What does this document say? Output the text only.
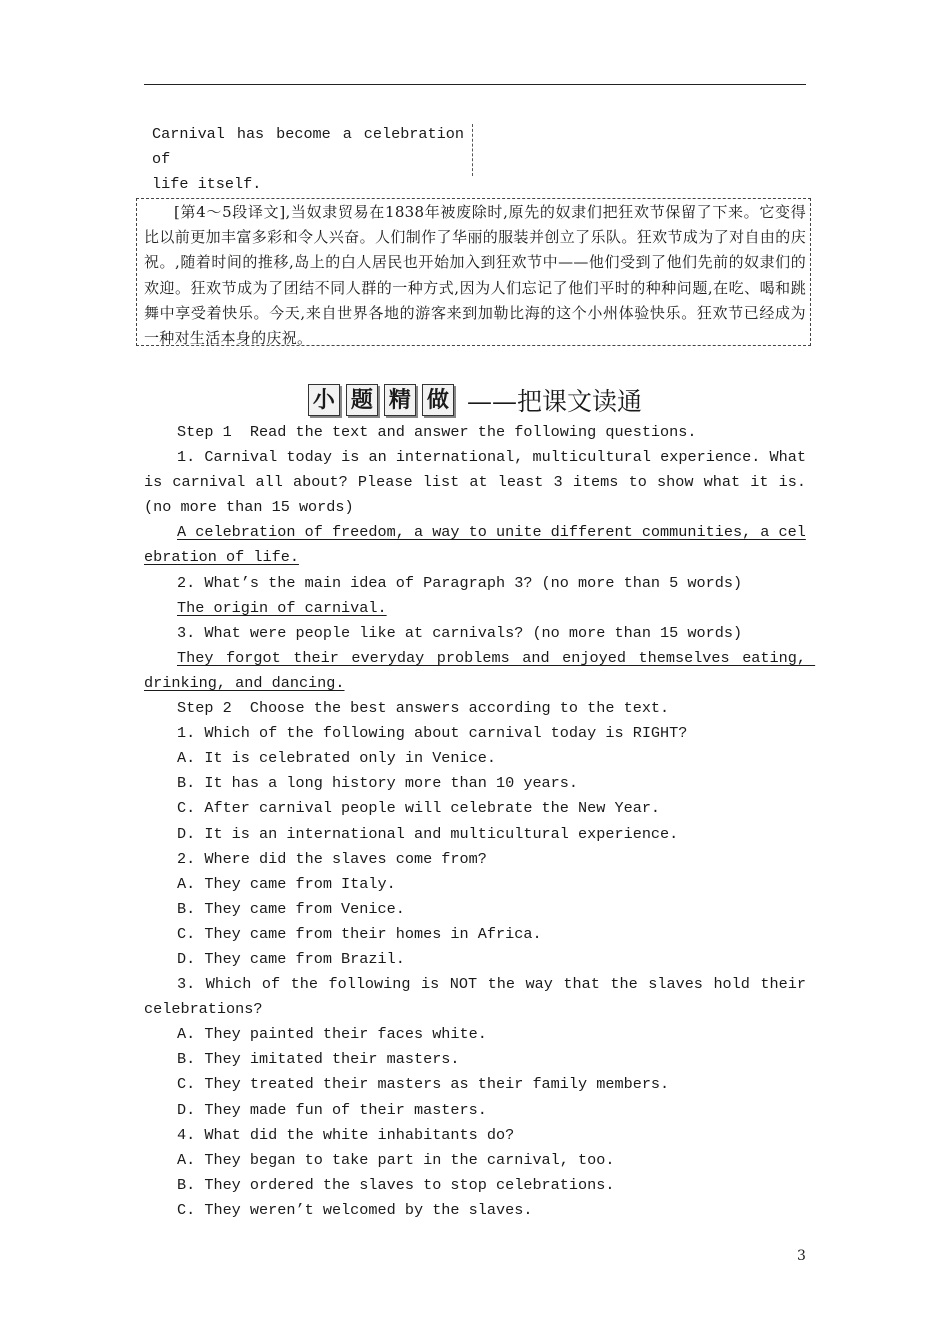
Carnival has become a celebration of
life itself.
[第4～5段译文],当奴隶贸易在1838年被废除时,原先的奴隶们把狂欢节保留了下来。它变得比以前更加丰富多彩和令人兴奋。人们制作了华丽的服装并创立了乐队。狂欢节成为了对自由的庆祝。,随着时间的推移,岛上的白人居民也开始加入到狂欢节中——他们受到了他们先前的奴隶们的欢迎。狂欢节成为了团结不同人群的一种方式,因为人们忘记了他们平时的种种问题,在吃、喝和跳舞中享受着快乐。今天,来自世界各地的游客来到加勒比海的这个小州体验快乐。狂欢节已经成为一种对生活本身的庆祝。
小 题 精 做 ——把课文读通
Step 1  Read the text and answer the following questions.
1. Carnival today is an international, multicultural experience. What is carnival all about? Please list at least 3 items to show what it is. (no more than 15 words)
A celebration of freedom, a way to unite different communities, a celebration of life.
2. What’s the main idea of Paragraph 3? (no more than 5 words)
The origin of carnival.
3. What were people like at carnivals? (no more than 15 words)
They forgot their everyday problems and enjoyed themselves eating, drinking, and dancing.
Step 2  Choose the best answers according to the text.
1. Which of the following about carnival today is RIGHT?
A. It is celebrated only in Venice.
B. It has a long history more than 10 years.
C. After carnival people will celebrate the New Year.
D. It is an international and multicultural experience.
2. Where did the slaves come from?
A. They came from Italy.
B. They came from Venice.
C. They came from their homes in Africa.
D. They came from Brazil.
3. Which of the following is NOT the way that the slaves hold their celebrations?
A. They painted their faces white.
B. They imitated their masters.
C. They treated their masters as their family members.
D. They made fun of their masters.
4. What did the white inhabitants do?
A. They began to take part in the carnival, too.
B. They ordered the slaves to stop celebrations.
C. They weren’t welcomed by the slaves.
3
